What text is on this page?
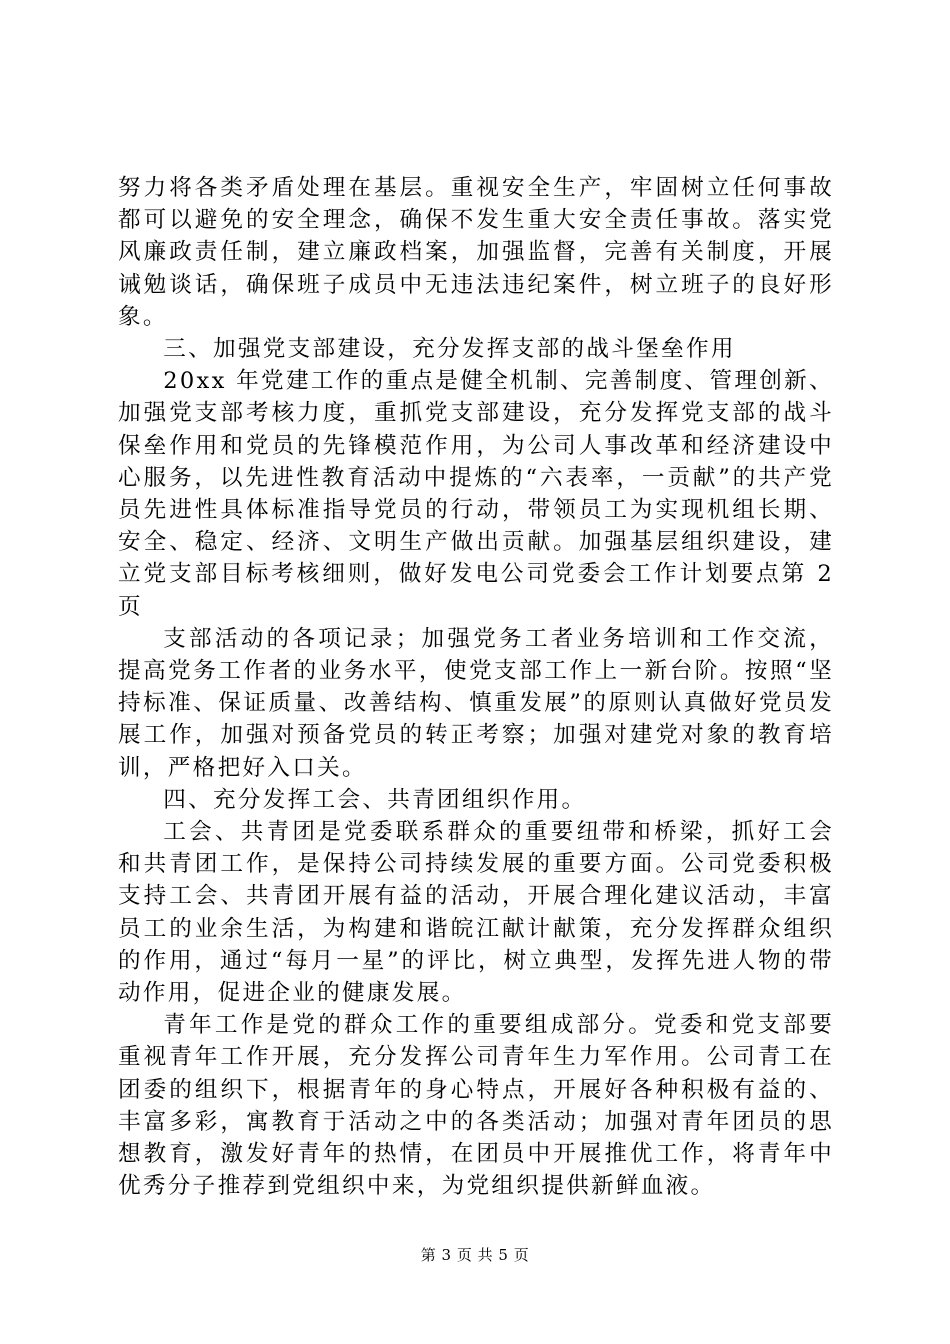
努力将各类矛盾处理在基层。重视安全生产，牢固树立任何事故都可以避免的安全理念，确保不发生重大安全责任事故。落实党风廉政责任制，建立廉政档案，加强监督，完善有关制度，开展诫勉谈话，确保班子成员中无违法违纪案件，树立班子的良好形象。

三、加强党支部建设，充分发挥支部的战斗堡垒作用

20xx 年党建工作的重点是健全机制、完善制度、管理创新、加强党支部考核力度，重抓党支部建设，充分发挥党支部的战斗保垒作用和党员的先锋模范作用，为公司人事改革和经济建设中心服务，以先进性教育活动中提炼的“六表率，一贡献”的共产党员先进性具体标准指导党员的行动，带领员工为实现机组长期、安全、稳定、经济、文明生产做出贡献。加强基层组织建设，建立党支部目标考核细则，做好发电公司党委会工作计划要点第 2 页

支部活动的各项记录；加强党务工者业务培训和工作交流，提高党务工作者的业务水平，使党支部工作上一新台阶。按照“坚持标准、保证质量、改善结构、慎重发展”的原则认真做好党员发展工作，加强对预备党员的转正考察；加强对建党对象的教育培训，严格把好入口关。

四、充分发挥工会、共青团组织作用。

工会、共青团是党委联系群众的重要纽带和桥梁，抓好工会和共青团工作，是保持公司持续发展的重要方面。公司党委积极支持工会、共青团开展有益的活动，开展合理化建议活动，丰富员工的业余生活，为构建和谐皖江献计献策，充分发挥群众组织的作用，通过“每月一星”的评比，树立典型，发挥先进人物的带动作用，促进企业的健康发展。

青年工作是党的群众工作的重要组成部分。党委和党支部要重视青年工作开展，充分发挥公司青年生力军作用。公司青工在团委的组织下，根据青年的身心特点，开展好各种积极有益的、丰富多彩，寓教育于活动之中的各类活动；加强对青年团员的思想教育，激发好青年的热情，在团员中开展推优工作，将青年中优秀分子推荐到党组织中来，为党组织提供新鲜血液。

第 3 页 共 5 页
